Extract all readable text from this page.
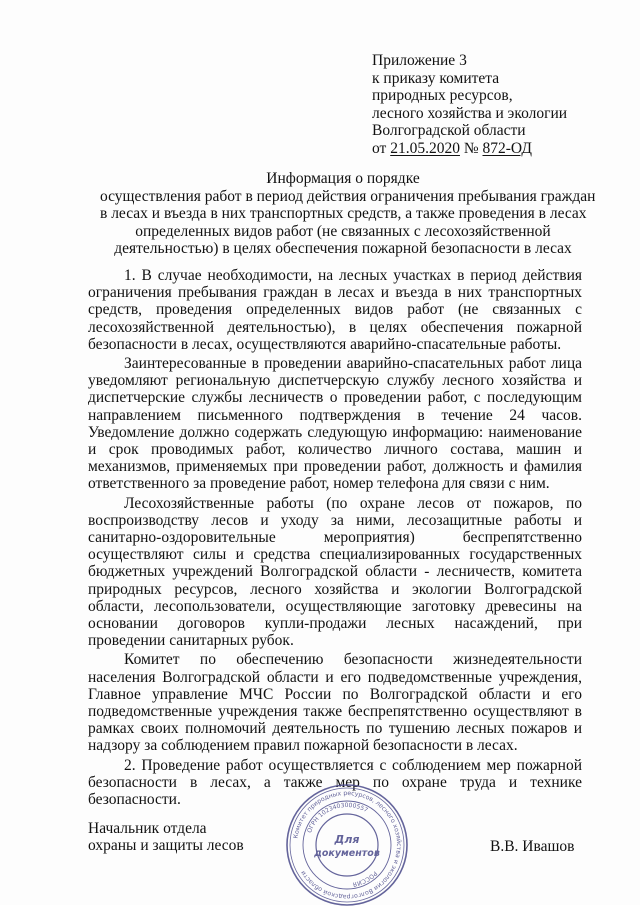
Приложение 3
к приказу комитета
природных ресурсов,
лесного хозяйства и экологии
Волгоградской области
от 21.05.2020 № 872-ОД
Информация о порядке
осуществления работ в период действия ограничения пребывания граждан
в лесах и въезда в них транспортных средств, а также проведения в лесах
определенных видов работ (не связанных с лесохозяйственной
деятельностью) в целях обеспечения пожарной безопасности в лесах

1. В случае необходимости, на лесных участках в период действия ограничения пребывания граждан в лесах и въезда в них транспортных средств, проведения определенных видов работ (не связанных с лесохозяйственной деятельностью), в целях обеспечения пожарной безопасности в лесах, осуществляются аварийно-спасательные работы.

Заинтересованные в проведении аварийно-спасательных работ лица уведомляют региональную диспетчерскую службу лесного хозяйства и диспетчерские службы лесничеств о проведении работ, с последующим направлением письменного подтверждения в течение 24 часов. Уведомление должно содержать следующую информацию: наименование и срок проводимых работ, количество личного состава, машин и механизмов, применяемых при проведении работ, должность и фамилия ответственного за проведение работ, номер телефона для связи с ним.

Лесохозяйственные работы (по охране лесов от пожаров, по воспроизводству лесов и уходу за ними, лесозащитные работы и санитарно-оздоровительные мероприятия) беспрепятственно осуществляют силы и средства специализированных государственных бюджетных учреждений Волгоградской области - лесничеств, комитета природных ресурсов, лесного хозяйства и экологии Волгоградской области, лесопользователи, осуществляющие заготовку древесины на основании договоров купли-продажи лесных насаждений, при проведении санитарных рубок.

Комитет по обеспечению безопасности жизнедеятельности населения Волгоградской области и его подведомственные учреждения, Главное управление МЧС России по Волгоградской области и его подведомственные учреждения также беспрепятственно осуществляют в рамках своих полномочий деятельность по тушению лесных пожаров и надзору за соблюдением правил пожарной безопасности в лесах.

2. Проведение работ осуществляется с соблюдением мер пожарной безопасности в лесах, а также мер по охране труда и технике безопасности.

Начальник отдела
охраны и защиты лесов
Комитет природных ресурсов, лесного хозяйства и экологии Волгоградской области
ОГРН 1023403000557
РОССИЯ
Для
документов	В.В. Ивашов
